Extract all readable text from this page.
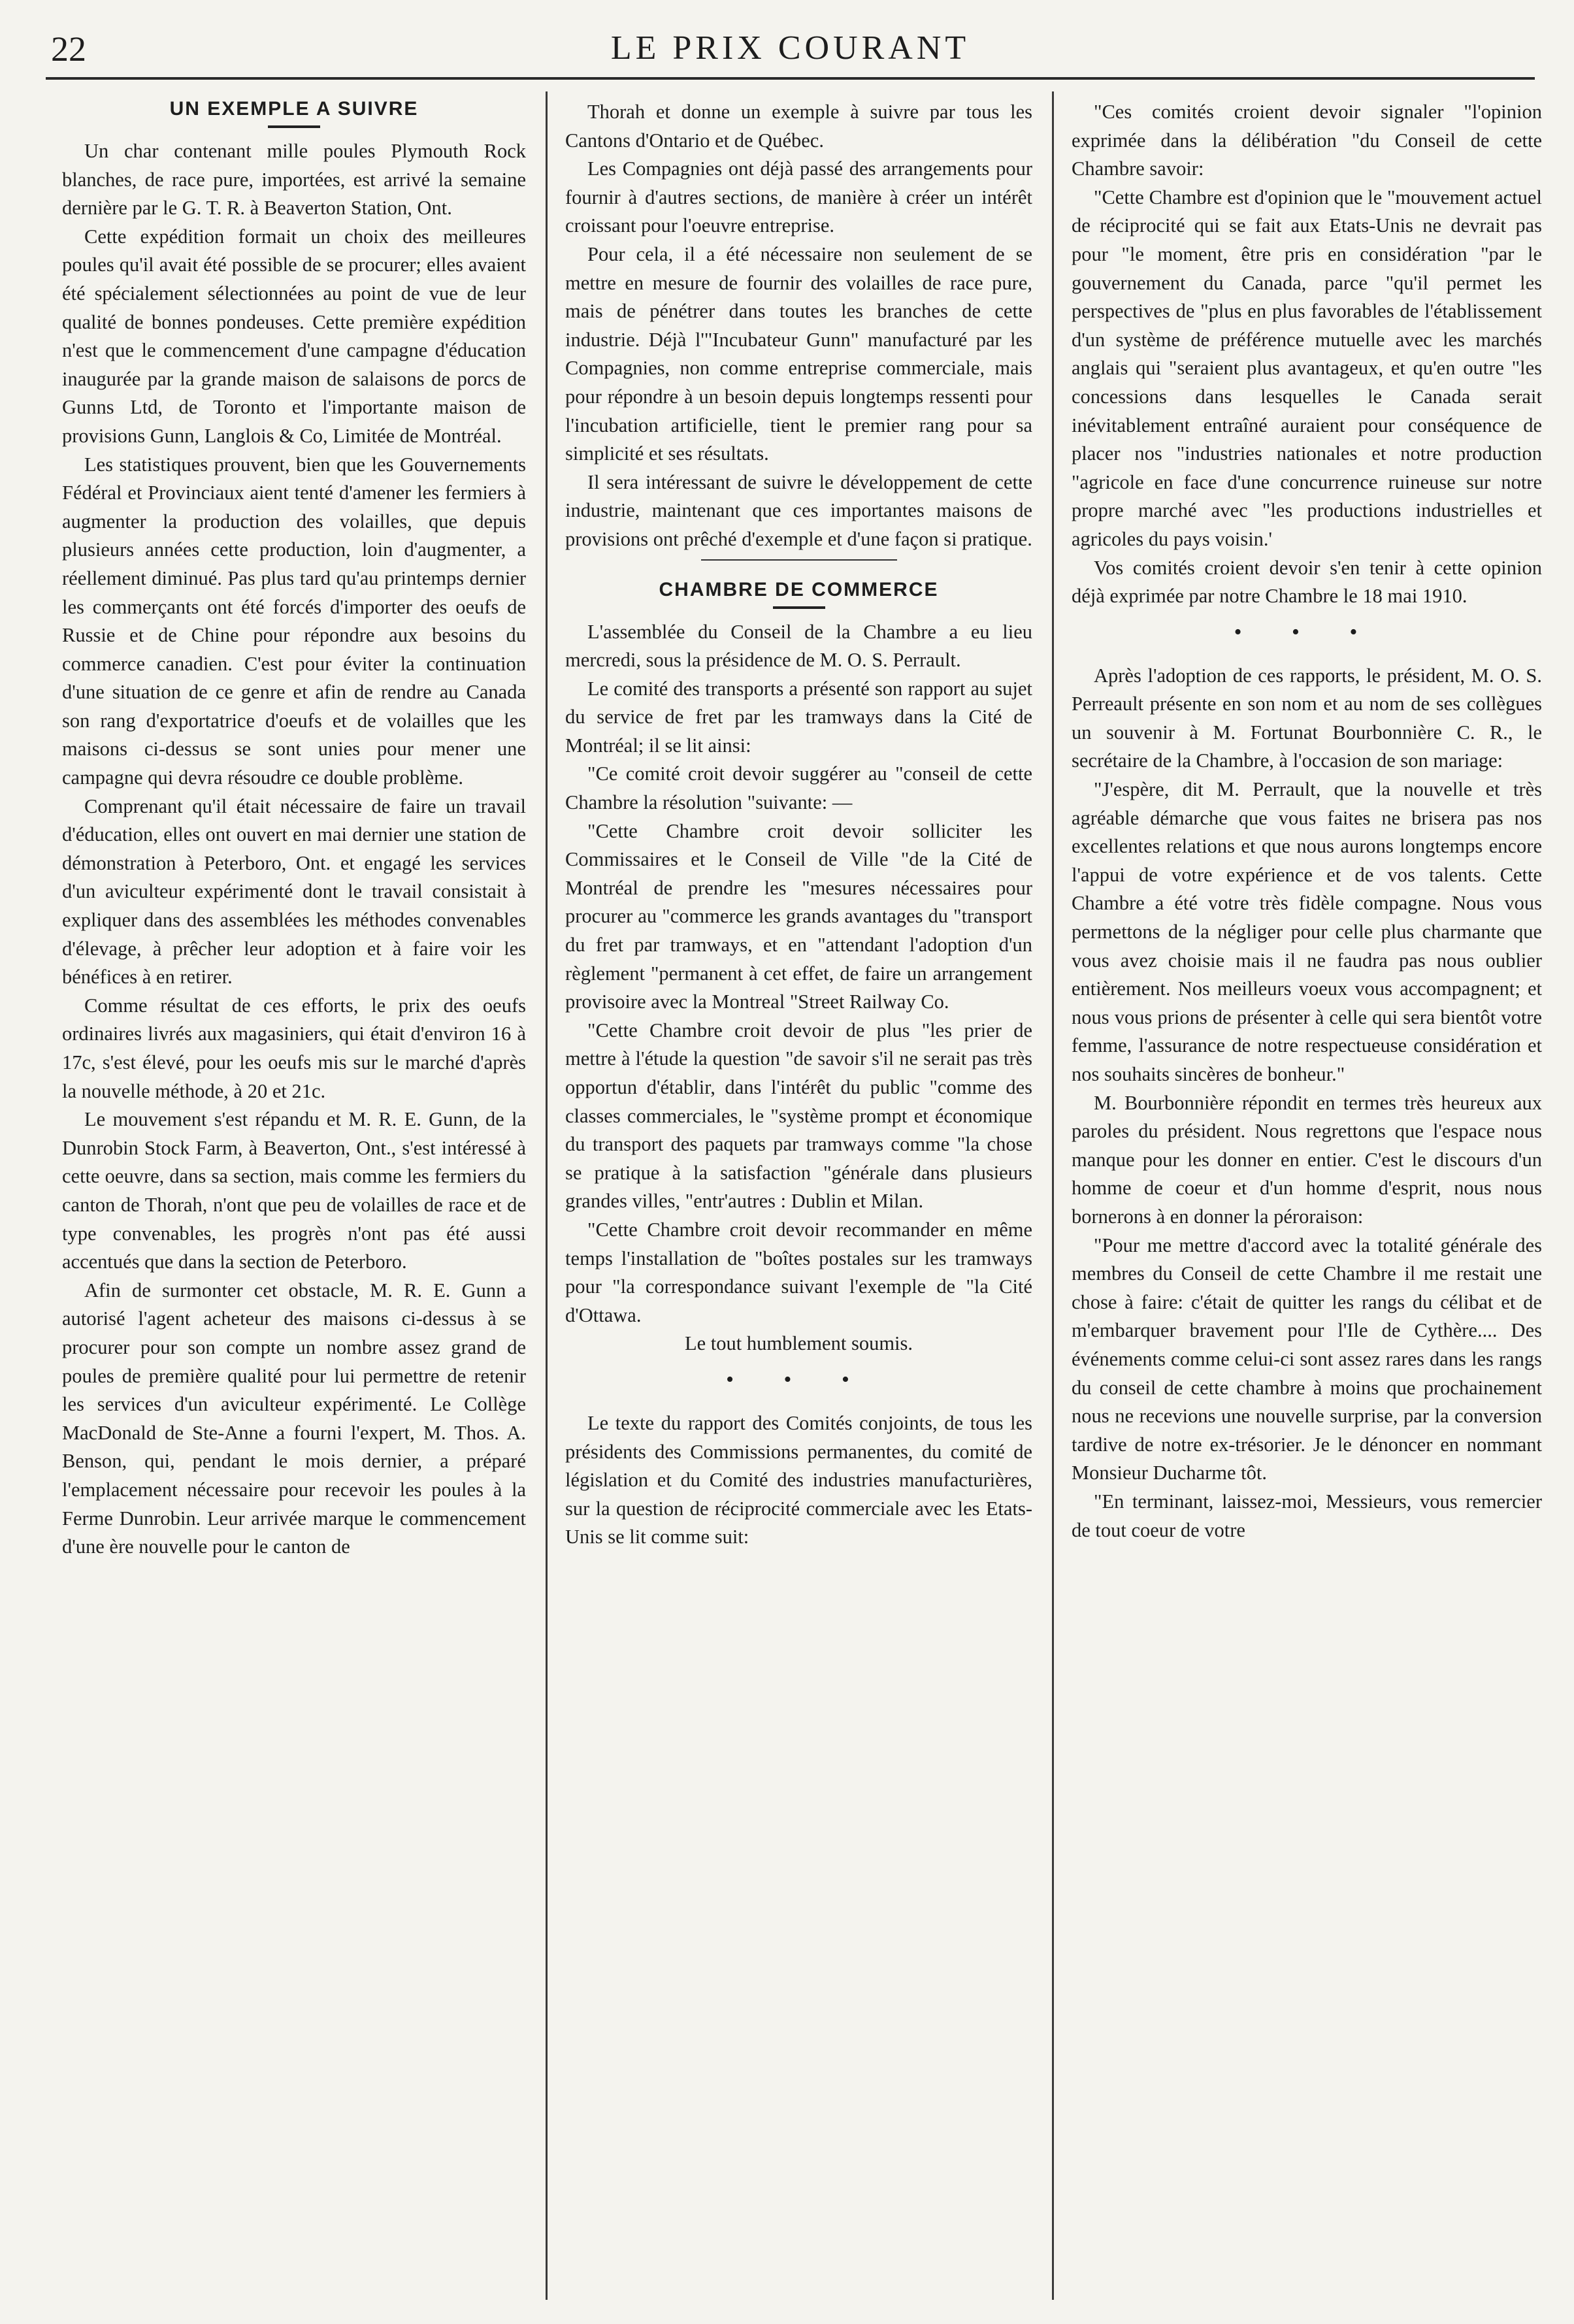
22	LE PRIX COURANT
UN EXEMPLE A SUIVRE

Un char contenant mille poules Plymouth Rock blanches, de race pure, importées, est arrivé la semaine dernière par le G. T. R. à Beaverton Station, Ont.

Cette expédition formait un choix des meilleures poules qu'il avait été possible de se procurer; elles avaient été spécialement sélectionnées au point de vue de leur qualité de bonnes pondeuses. Cette première expédition n'est que le commencement d'une campagne d'éducation inaugurée par la grande maison de salaisons de porcs de Gunns Ltd, de Toronto et l'importante maison de provisions Gunn, Langlois & Co, Limitée de Montréal.

Les statistiques prouvent, bien que les Gouvernements Fédéral et Provinciaux aient tenté d'amener les fermiers à augmenter la production des volailles, que depuis plusieurs années cette production, loin d'augmenter, a réellement diminué. Pas plus tard qu'au printemps dernier les commerçants ont été forcés d'importer des oeufs de Russie et de Chine pour répondre aux besoins du commerce canadien. C'est pour éviter la continuation d'une situation de ce genre et afin de rendre au Canada son rang d'exportatrice d'oeufs et de volailles que les maisons ci-dessus se sont unies pour mener une campagne qui devra résoudre ce double problème.

Comprenant qu'il était nécessaire de faire un travail d'éducation, elles ont ouvert en mai dernier une station de démonstration à Peterboro, Ont. et engagé les services d'un aviculteur expérimenté dont le travail consistait à expliquer dans des assemblées les méthodes convenables d'élevage, à prêcher leur adoption et à faire voir les bénéfices à en retirer.

Comme résultat de ces efforts, le prix des oeufs ordinaires livrés aux magasiniers, qui était d'environ 16 à 17c, s'est élevé, pour les oeufs mis sur le marché d'après la nouvelle méthode, à 20 et 21c.

Le mouvement s'est répandu et M. R. E. Gunn, de la Dunrobin Stock Farm, à Beaverton, Ont., s'est intéressé à cette oeuvre, dans sa section, mais comme les fermiers du canton de Thorah, n'ont que peu de volailles de race et de type convenables, les progrès n'ont pas été aussi accentués que dans la section de Peterboro.

Afin de surmonter cet obstacle, M. R. E. Gunn a autorisé l'agent acheteur des maisons ci-dessus à se procurer pour son compte un nombre assez grand de poules de première qualité pour lui permettre de retenir les services d'un aviculteur expérimenté. Le Collège MacDonald de Ste-Anne a fourni l'expert, M. Thos. A. Benson, qui, pendant le mois dernier, a préparé l'emplacement nécessaire pour recevoir les poules à la Ferme Dunrobin. Leur arrivée marque le commencement d'une ère nouvelle pour le canton de

Thorah et donne un exemple à suivre par tous les Cantons d'Ontario et de Québec.

Les Compagnies ont déjà passé des arrangements pour fournir à d'autres sections, de manière à créer un intérêt croissant pour l'oeuvre entreprise.

Pour cela, il a été nécessaire non seulement de se mettre en mesure de fournir des volailles de race pure, mais de pénétrer dans toutes les branches de cette industrie. Déjà l'"Incubateur Gunn" manufacturé par les Compagnies, non comme entreprise commerciale, mais pour répondre à un besoin depuis longtemps ressenti pour l'incubation artificielle, tient le premier rang pour sa simplicité et ses résultats.

Il sera intéressant de suivre le développement de cette industrie, maintenant que ces importantes maisons de provisions ont prêché d'exemple et d'une façon si pratique.

CHAMBRE DE COMMERCE

L'assemblée du Conseil de la Chambre a eu lieu mercredi, sous la présidence de M. O. S. Perrault.

Le comité des transports a présenté son rapport au sujet du service de fret par les tramways dans la Cité de Montréal; il se lit ainsi:

"Ce comité croit devoir suggérer au "conseil de cette Chambre la résolution "suivante: —

"Cette Chambre croit devoir solliciter les Commissaires et le Conseil de Ville "de la Cité de Montréal de prendre les "mesures nécessaires pour procurer au "commerce les grands avantages du "transport du fret par tramways, et en "attendant l'adoption d'un règlement "permanent à cet effet, de faire un arrangement provisoire avec la Montreal "Street Railway Co.

"Cette Chambre croit devoir de plus "les prier de mettre à l'étude la question "de savoir s'il ne serait pas très opportun d'établir, dans l'intérêt du public "comme des classes commerciales, le "système prompt et économique du transport des paquets par tramways comme "la chose se pratique à la satisfaction "générale dans plusieurs grandes villes, "entr'autres : Dublin et Milan.

"Cette Chambre croit devoir recommander en même temps l'installation de "boîtes postales sur les tramways pour "la correspondance suivant l'exemple de "la Cité d'Ottawa.

Le tout humblement soumis.

• • •

Le texte du rapport des Comités conjoints, de tous les présidents des Commissions permanentes, du comité de législation et du Comité des industries manufacturières, sur la question de réciprocité commerciale avec les Etats-Unis se lit comme suit:

"Ces comités croient devoir signaler "l'opinion exprimée dans la délibération "du Conseil de cette Chambre savoir:

"Cette Chambre est d'opinion que le "mouvement actuel de réciprocité qui se fait aux Etats-Unis ne devrait pas pour "le moment, être pris en considération "par le gouvernement du Canada, parce "qu'il permet les perspectives de "plus en plus favorables de l'établissement d'un système de préférence mutuelle avec les marchés anglais qui "seraient plus avantageux, et qu'en outre "les concessions dans lesquelles le Canada serait inévitablement entraîné auraient pour conséquence de placer nos "industries nationales et notre production "agricole en face d'une concurrence ruineuse sur notre propre marché avec "les productions industrielles et agricoles du pays voisin.'

Vos comités croient devoir s'en tenir à cette opinion déjà exprimée par notre Chambre le 18 mai 1910.

• • •

Après l'adoption de ces rapports, le président, M. O. S. Perreault présente en son nom et au nom de ses collègues un souvenir à M. Fortunat Bourbonnière C. R., le secrétaire de la Chambre, à l'occasion de son mariage:

"J'espère, dit M. Perrault, que la nouvelle et très agréable démarche que vous faites ne brisera pas nos excellentes relations et que nous aurons longtemps encore l'appui de votre expérience et de vos talents. Cette Chambre a été votre très fidèle compagne. Nous vous permettons de la négliger pour celle plus charmante que vous avez choisie mais il ne faudra pas nous oublier entièrement. Nos meilleurs voeux vous accompagnent; et nous vous prions de présenter à celle qui sera bientôt votre femme, l'assurance de notre respectueuse considération et nos souhaits sincères de bonheur."

M. Bourbonnière répondit en termes très heureux aux paroles du président. Nous regrettons que l'espace nous manque pour les donner en entier. C'est le discours d'un homme de coeur et d'un homme d'esprit, nous nous bornerons à en donner la péroraison:

"Pour me mettre d'accord avec la totalité générale des membres du Conseil de cette Chambre il me restait une chose à faire: c'était de quitter les rangs du célibat et de m'embarquer bravement pour l'Ile de Cythère.... Des événements comme celui-ci sont assez rares dans les rangs du conseil de cette chambre à moins que prochainement nous ne recevions une nouvelle surprise, par la conversion tardive de notre ex-trésorier. Je le dénoncer en nommant Monsieur Ducharme tôt.

"En terminant, laissez-moi, Messieurs, vous remercier de tout coeur de votre
